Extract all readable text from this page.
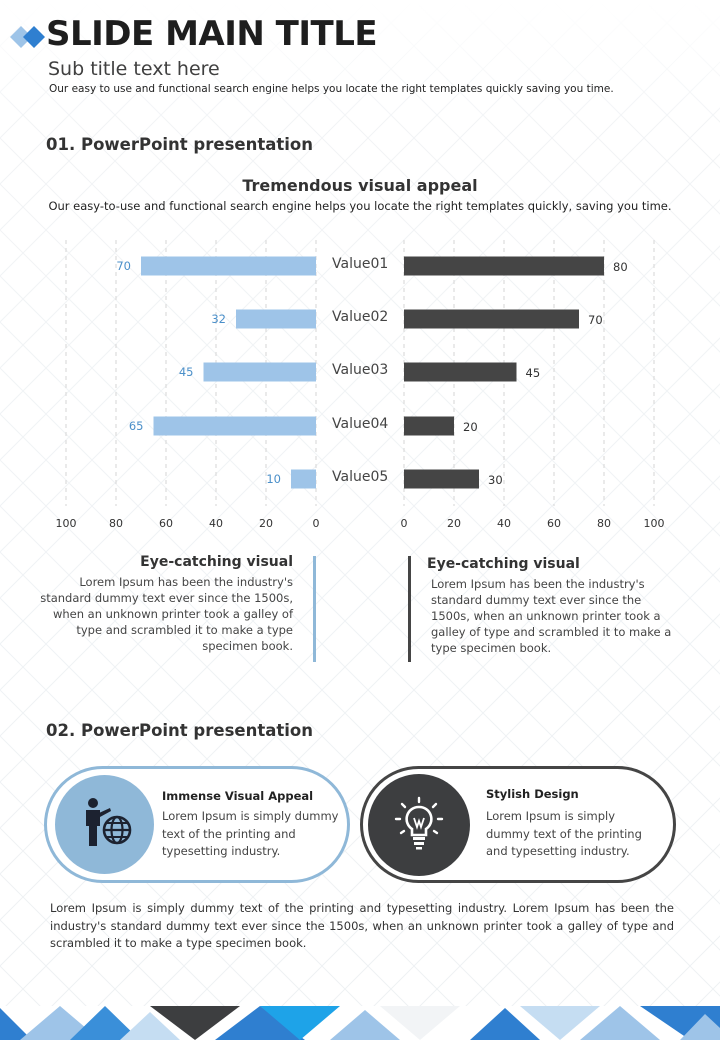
SLIDE MAIN TITLE
Sub title text here
Our easy to use and functional search engine helps you locate the right templates quickly saving you time.
01. PowerPoint presentation
Tremendous visual appeal
Our easy-to-use and functional search engine helps you locate the right templates quickly, saving you time.
100	80	60	40	20	0	0	20	40	60	80	100
70	80
Value01
32	70
Value02
45	45
Value03
65	20
Value04
10	30
Value05
Eye-catching visual
Lorem Ipsum has been the industry's standard dummy text ever since the 1500s, when an unknown printer took a galley of type and scrambled it to make a type specimen book.
Eye-catching visual
Lorem Ipsum has been the industry's standard dummy text ever since the 1500s, when an unknown printer took a galley of type and scrambled it to make a type specimen book.
02. PowerPoint presentation
Immense Visual Appeal
Lorem Ipsum is simply dummy text of the printing and typesetting industry.
Stylish Design
Lorem Ipsum is simply dummy text of the printing and typesetting industry.
Lorem Ipsum is simply dummy text of the printing and typesetting industry. Lorem Ipsum has been the industry's standard dummy text ever since the 1500s, when an unknown printer took a galley of type and scrambled it to make a type specimen book.
